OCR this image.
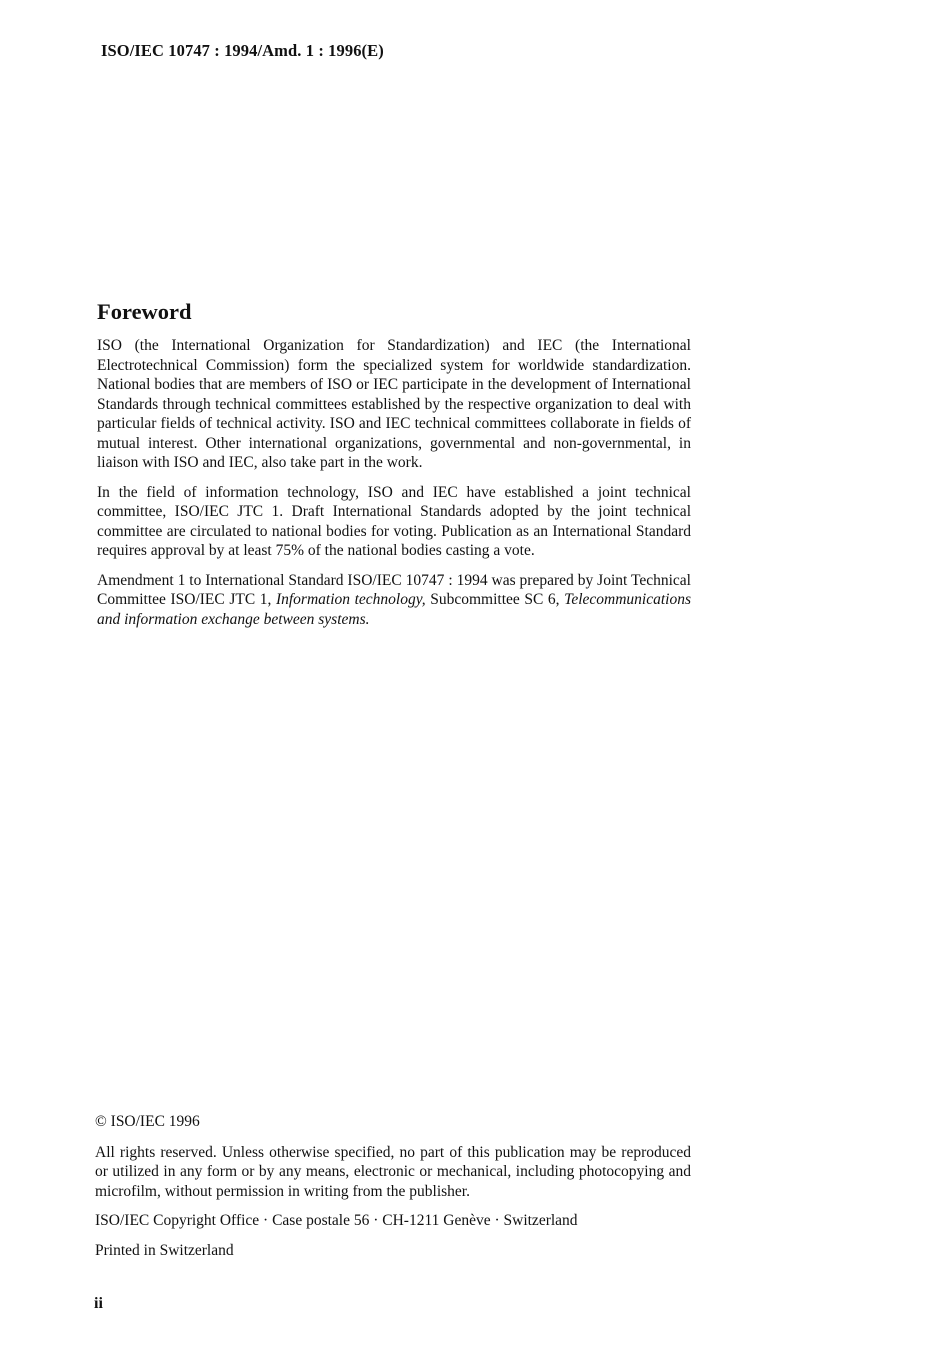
ISO/IEC 10747 : 1994/Amd. 1 : 1996(E)
Foreword

ISO (the International Organization for Standardization) and IEC (the International Electrotechnical Commission) form the specialized system for worldwide standardization. National bodies that are members of ISO or IEC participate in the development of International Standards through technical committees established by the respective organization to deal with particular fields of technical activity. ISO and IEC technical committees collaborate in fields of mutual interest. Other international organizations, governmental and non-governmental, in liaison with ISO and IEC, also take part in the work.

In the field of information technology, ISO and IEC have established a joint technical committee, ISO/IEC JTC 1. Draft International Standards adopted by the joint technical committee are circulated to national bodies for voting. Publication as an International Standard requires approval by at least 75% of the national bodies casting a vote.

Amendment 1 to International Standard ISO/IEC 10747 : 1994 was prepared by Joint Technical Committee ISO/IEC JTC 1, Information technology, Subcommittee SC 6, Telecommunications and information exchange between systems.

© ISO/IEC 1996

All rights reserved. Unless otherwise specified, no part of this publication may be reproduced or utilized in any form or by any means, electronic or mechanical, including photocopying and microfilm, without permission in writing from the publisher.

ISO/IEC Copyright Office · Case postale 56 · CH-1211 Genève · Switzerland

Printed in Switzerland

ii
